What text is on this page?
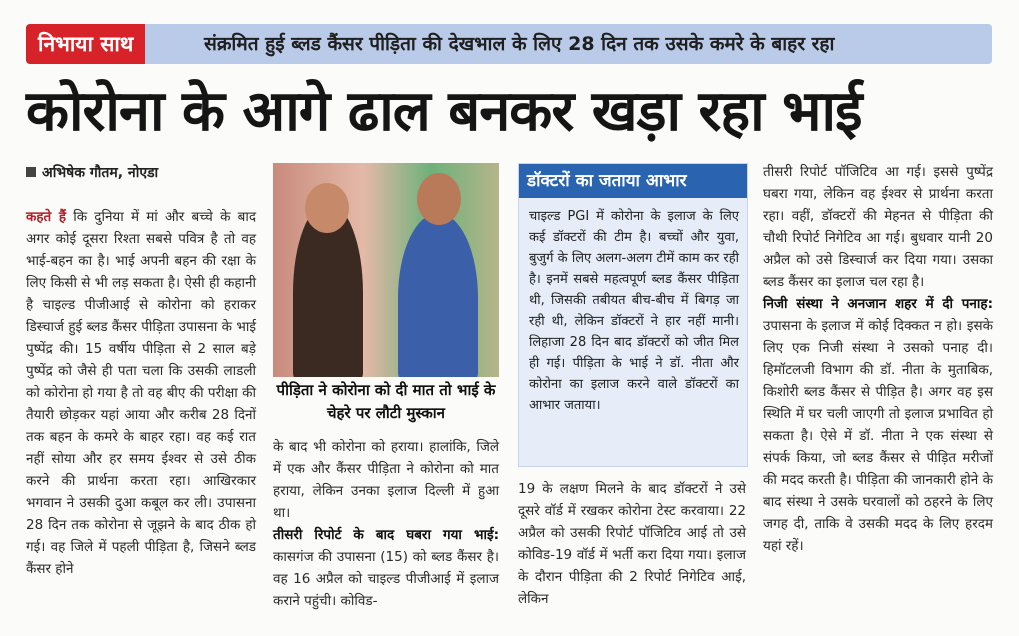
निभाया साथ	संक्रमित हुई ब्लड कैंसर पीड़िता की देखभाल के लिए 28 दिन तक उसके कमरे के बाहर रहा
कोरोना के आगे ढाल बनकर खड़ा रहा भाई
अभिषेक गौतम, नोएडा
कहते हैं कि दुनिया में मां और बच्चे के बाद अगर कोई दूसरा रिश्ता सबसे पवित्र है तो वह भाई-बहन का है। भाई अपनी बहन की रक्षा के लिए किसी से भी लड़ सकता है। ऐसी ही कहानी है चाइल्ड पीजीआई से कोरोना को हराकर डिस्चार्ज हुई ब्लड कैंसर पीड़िता उपासना के भाई पुष्पेंद्र की। 15 वर्षीय पीड़िता से 2 साल बड़े पुष्पेंद्र को जैसे ही पता चला कि उसकी लाडली को कोरोना हो गया है तो वह बीए की परीक्षा की तैयारी छोड़कर यहां आया और करीब 28 दिनों तक बहन के कमरे के बाहर रहा। वह कई रात नहीं सोया और हर समय ईश्वर से उसे ठीक करने की प्रार्थना करता रहा। आखिरकार भगवान ने उसकी दुआ कबूल कर ली। उपासना 28 दिन तक कोरोना से जूझने के बाद ठीक हो गई। वह जिले में पहली पीड़िता है, जिसने ब्लड कैंसर होने
पीड़िता ने कोरोना को दी मात तो भाई के चेहरे पर लौटी मुस्कान
के बाद भी कोरोना को हराया। हालांकि, जिले में एक और कैंसर पीड़िता ने कोरोना को मात हराया, लेकिन उनका इलाज दिल्ली में हुआ था।
तीसरी रिपोर्ट के बाद घबरा गया भाई: कासगंज की उपासना (15) को ब्लड कैंसर है। वह 16 अप्रैल को चाइल्ड पीजीआई में इलाज कराने पहुंची। कोविड-
डॉक्टरों का जताया आभार
चाइल्ड PGI में कोरोना के इलाज के लिए कई डॉक्टरों की टीम है। बच्चों और युवा, बुजुर्ग के लिए अलग-अलग टीमें काम कर रही है। इनमें सबसे महत्वपूर्ण ब्लड कैंसर पीड़िता थी, जिसकी तबीयत बीच-बीच में बिगड़ जा रही थी, लेकिन डॉक्टरों ने हार नहीं मानी। लिहाजा 28 दिन बाद डॉक्टरों को जीत मिल ही गई। पीड़िता के भाई ने डॉ. नीता और कोरोना का इलाज करने वाले डॉक्टरों का आभार जताया।
19 के लक्षण मिलने के बाद डॉक्टरों ने उसे दूसरे वॉर्ड में रखकर कोरोना टेस्ट करवाया। 22 अप्रैल को उसकी रिपोर्ट पॉजिटिव आई तो उसे कोविड-19 वॉर्ड में भर्ती करा दिया गया। इलाज के दौरान पीड़िता की 2 रिपोर्ट निगेटिव आई, लेकिन
तीसरी रिपोर्ट पॉजिटिव आ गई। इससे पुष्पेंद्र घबरा गया, लेकिन वह ईश्वर से प्रार्थना करता रहा। वहीं, डॉक्टरों की मेहनत से पीड़िता की चौथी रिपोर्ट निगेटिव आ गई। बुधवार यानी 20 अप्रैल को उसे डिस्चार्ज कर दिया गया। उसका ब्लड कैंसर का इलाज चल रहा है।
निजी संस्था ने अनजान शहर में दी पनाह: उपासना के इलाज में कोई दिक्कत न हो। इसके लिए एक निजी संस्था ने उसको पनाह दी। हिमॉटलजी विभाग की डॉ. नीता के मुताबिक, किशोरी ब्लड कैंसर से पीड़ित है। अगर वह इस स्थिति में घर चली जाएगी तो इलाज प्रभावित हो सकता है। ऐसे में डॉ. नीता ने एक संस्था से संपर्क किया, जो ब्लड कैंसर से पीड़ित मरीजों की मदद करती है। पीड़िता की जानकारी होने के बाद संस्था ने उसके घरवालों को ठहरने के लिए जगह दी, ताकि वे उसकी मदद के लिए हरदम यहां रहें।
